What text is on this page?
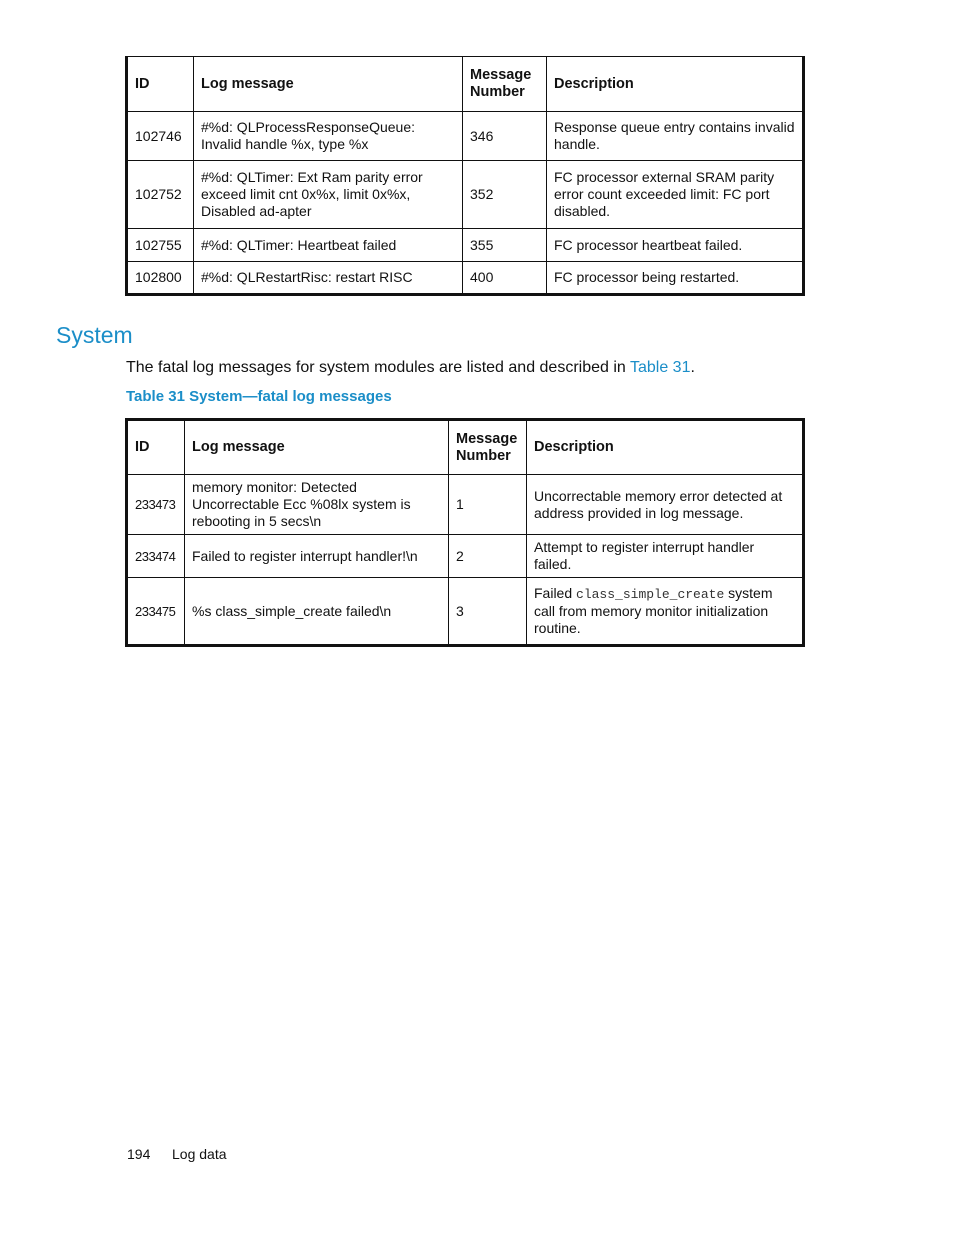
ID	Log message	Message Number	Description
102746	#%d: QLProcessResponseQueue: Invalid handle %x, type %x	346	Response queue entry contains invalid handle.
102752	#%d: QLTimer: Ext Ram parity error exceed limit cnt 0x%x, limit 0x%x, Disabled ad-apter	352	FC processor external SRAM parity error count exceeded limit: FC port disabled.
102755	#%d: QLTimer: Heartbeat failed	355	FC processor heartbeat failed.
102800	#%d: QLRestartRisc: restart RISC	400	FC processor being restarted.
System
The fatal log messages for system modules are listed and described in Table 31.
Table 31 System—fatal log messages
ID	Log message	Message Number	Description
233473	memory monitor: Detected Uncorrectable Ecc %08lx system is rebooting in 5 secs\n	1	Uncorrectable memory error detected at address provided in log message.
233474	Failed to register interrupt handler!\n	2	Attempt to register interrupt handler failed.
233475	%s class_simple_create failed\n	3	Failed class_simple_create system call from memory monitor initialization routine.
194 Log data
